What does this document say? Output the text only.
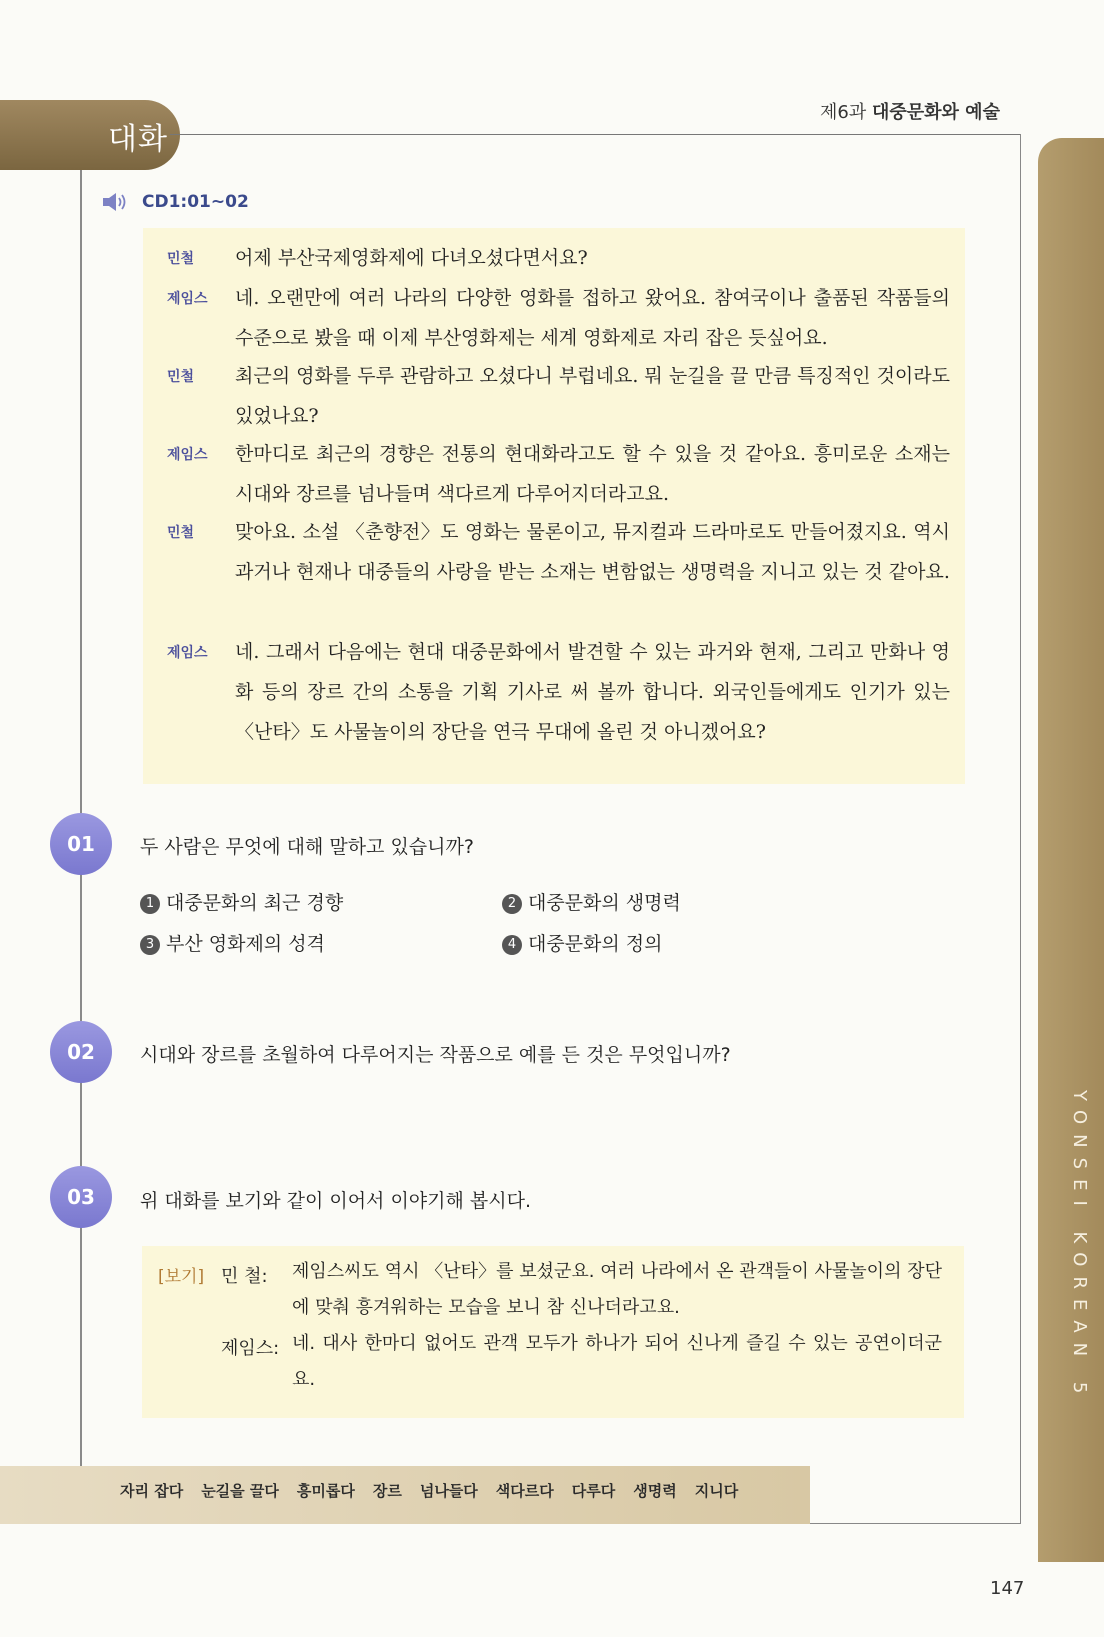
대화
제6과 대중문화와 예술
YONSEI KOREAN 5
CD1:01~02
민철 어제 부산국제영화제에 다녀오셨다면서요?
제임스 네. 오랜만에 여러 나라의 다양한 영화를 접하고 왔어요. 참여국이나 출품된 작품들의 수준으로 봤을 때 이제 부산영화제는 세계 영화제로 자리 잡은 듯싶어요.
민철 최근의 영화를 두루 관람하고 오셨다니 부럽네요. 뭐 눈길을 끌 만큼 특징적인 것이라도 있었나요?
제임스 한마디로 최근의 경향은 전통의 현대화라고도 할 수 있을 것 같아요. 흥미로운 소재는 시대와 장르를 넘나들며 색다르게 다루어지더라고요.
민철 맞아요. 소설 〈춘향전〉도 영화는 물론이고, 뮤지컬과 드라마로도 만들어졌지요. 역시 과거나 현재나 대중들의 사랑을 받는 소재는 변함없는 생명력을 지니고 있는 것 같아요.
제임스 네. 그래서 다음에는 현대 대중문화에서 발견할 수 있는 과거와 현재, 그리고 만화나 영화 등의 장르 간의 소통을 기획 기사로 써 볼까 합니다. 외국인들에게도 인기가 있는 〈난타〉도 사물놀이의 장단을 연극 무대에 올린 것 아니겠어요?
01	두 사람은 무엇에 대해 말하고 있습니까?
1 대중문화의 최근 경향	2 대중문화의 생명력
3 부산 영화제의 성격	4 대중문화의 정의
02	시대와 장르를 초월하여 다루어지는 작품으로 예를 든 것은 무엇입니까?
03	위 대화를 보기와 같이 이어서 이야기해 봅시다.
[보기] 민 철: 제임스씨도 역시 〈난타〉를 보셨군요. 여러 나라에서 온 관객들이 사물놀이의 장단에 맞춰 흥겨워하는 모습을 보니 참 신나더라고요.
제임스: 네. 대사 한마디 없어도 관객 모두가 하나가 되어 신나게 즐길 수 있는 공연이더군요.
자리 잡다 눈길을 끌다 흥미롭다 장르 넘나들다 색다르다 다루다 생명력 지니다
147
